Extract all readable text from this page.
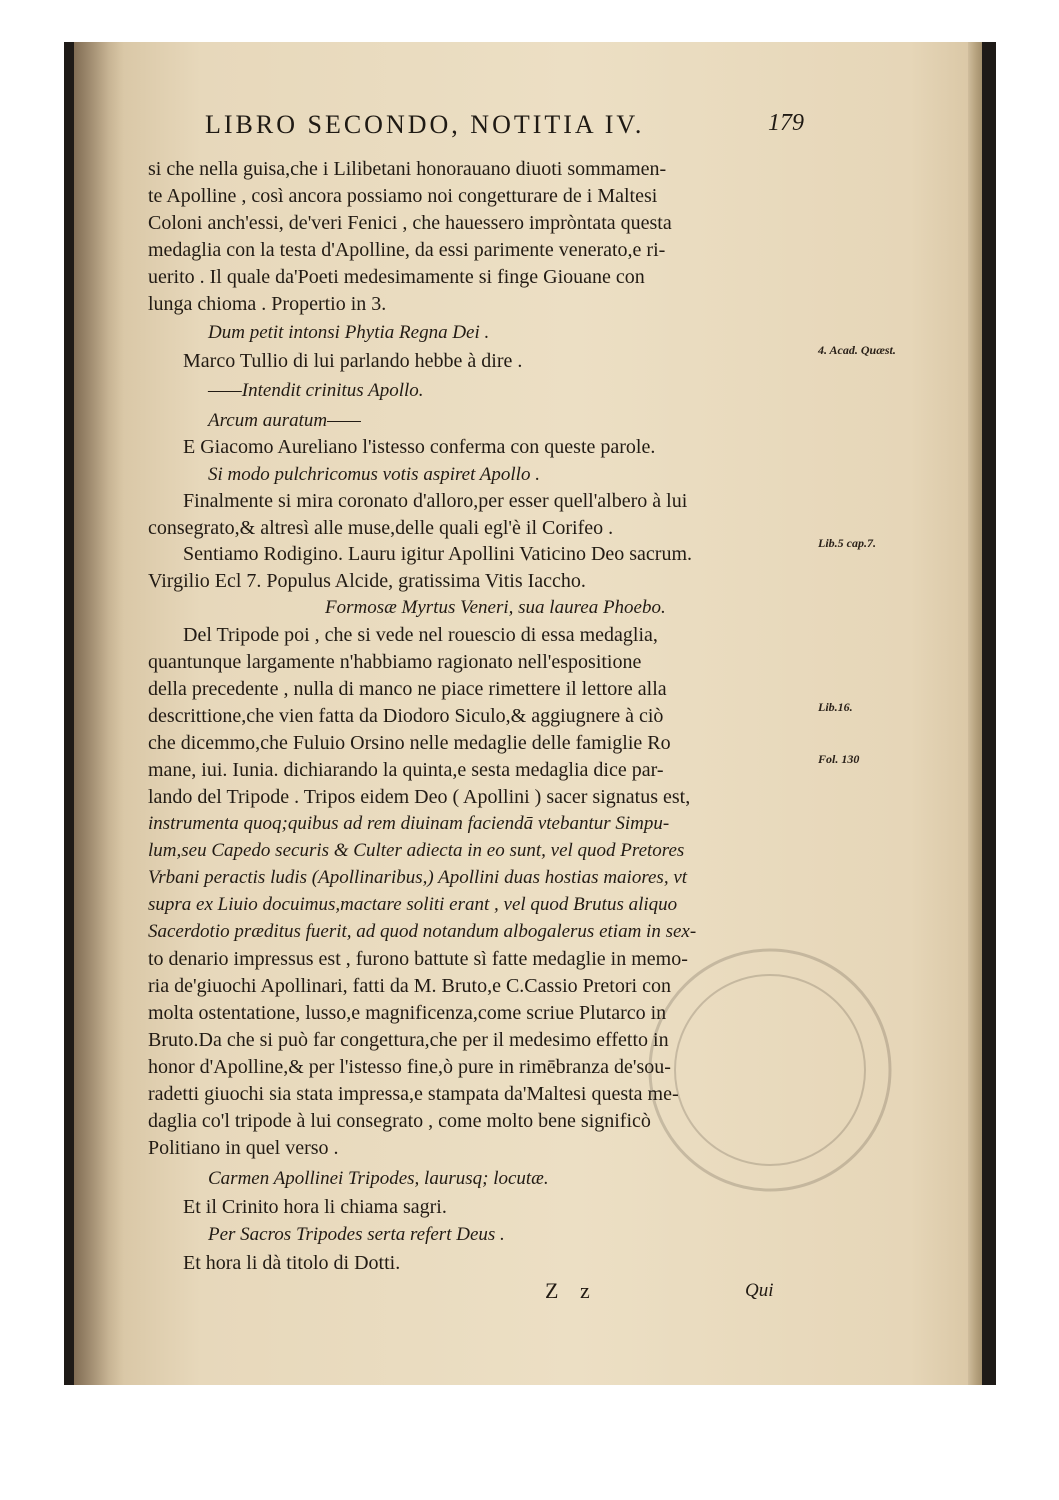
LIBRO SECONDO, NOTITIA IV.	179
si che nella guisa,che i Lilibetani honorauano diuoti sommamen-
te Apolline , così ancora possiamo noi congetturare de i Maltesi
Coloni anch'essi, de'veri Fenici , che hauessero impròntata questa
medaglia con la testa d'Apolline, da essi parimente venerato,e ri-
uerito . Il quale da'Poeti medesimamente si finge Giouane con
lunga chioma . Propertio in 3.
Dum petit intonsi Phytia Regna Dei .
Marco Tullio di lui parlando hebbe à dire .
——Intendit crinitus Apollo.
Arcum auratum——
E Giacomo Aureliano l'istesso conferma con queste parole.
Si modo pulchricomus votis aspiret Apollo .
Finalmente si mira coronato d'alloro,per esser quell'albero à lui
consegrato,& altresì alle muse,delle quali egl'è il Corifeo .
Sentiamo Rodigino. Lauru igitur Apollini Vaticino Deo sacrum.
Virgilio Ecl 7. Populus Alcide, gratissima Vitis Iaccho.
Formosæ Myrtus Veneri, sua laurea Phoebo.
Del Tripode poi , che si vede nel rouescio di essa medaglia,
quantunque largamente n'habbiamo ragionato nell'espositione
della precedente , nulla di manco ne piace rimettere il lettore alla
descrittione,che vien fatta da Diodoro Siculo,& aggiugnere à ciò
che dicemmo,che Fuluio Orsino nelle medaglie delle famiglie Ro
mane, iui. Iunia. dichiarando la quinta,e sesta medaglia dice par-
lando del Tripode . Tripos eidem Deo ( Apollini ) sacer signatus est,
instrumenta quoq;quibus ad rem diuinam faciendā vtebantur Simpu-
lum,seu Capedo securis & Culter adiecta in eo sunt, vel quod Pretores
Vrbani peractis ludis (Apollinaribus,) Apollini duas hostias maiores, vt
supra ex Liuio docuimus,mactare soliti erant , vel quod Brutus aliquo
Sacerdotio præditus fuerit, ad quod notandum albogalerus etiam in sex-
to denario impressus est , furono battute sì fatte medaglie in memo-
ria de'giuochi Apollinari, fatti da M. Bruto,e C.Cassio Pretori con
molta ostentatione, lusso,e magnificenza,come scriue Plutarco in
Bruto.Da che si può far congettura,che per il medesimo effetto in
honor d'Apolline,& per l'istesso fine,ò pure in rimēbranza de'sou-
radetti giuochi sia stata impressa,e stampata da'Maltesi questa me-
daglia co'l tripode à lui consegrato , come molto bene significò
Politiano in quel verso .
Carmen Apollinei Tripodes, laurusq; locutæ.
Et il Crinito hora li chiama sagri.
Per Sacros Tripodes serta refert Deus .
Et hora li dà titolo di Dotti.
4. Acad. Quæst.
Lib.5 cap.7.
Lib.16.
Fol. 130
Z z	Qui
